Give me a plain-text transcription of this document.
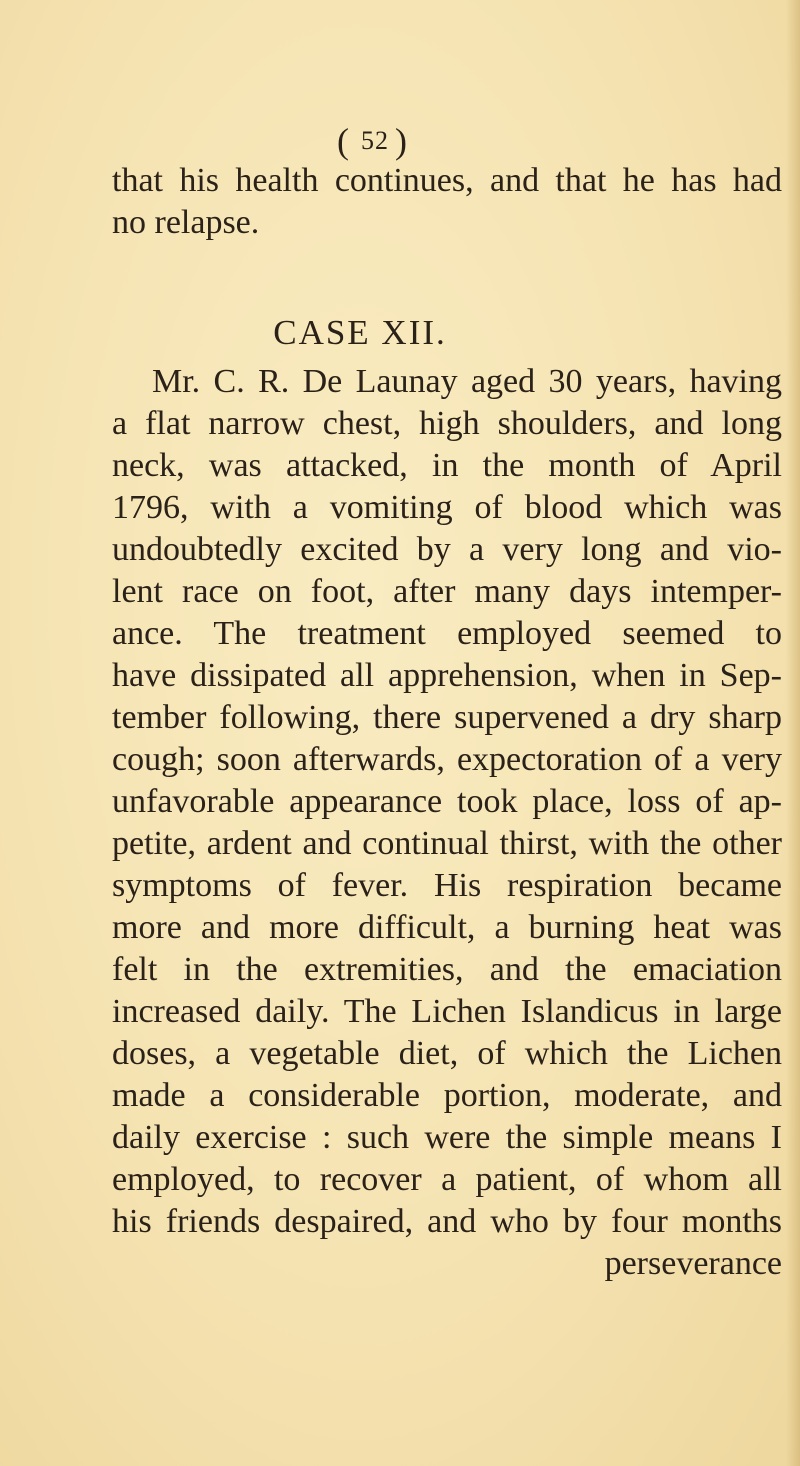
( 52 )
that his health continues, and that he has had
no relapse.
CASE XII.
Mr. C. R. De Launay aged 30 years, having
a flat narrow chest, high shoulders, and long
neck, was attacked, in the month of April
1796, with a vomiting of blood which was
undoubtedly excited by a very long and vio-
lent race on foot, after many days intemper-
ance. The treatment employed seemed to
have dissipated all apprehension, when in Sep-
tember following, there supervened a dry sharp
cough; soon afterwards, expectoration of a very
unfavorable appearance took place, loss of ap-
petite, ardent and continual thirst, with the other
symptoms of fever. His respiration became
more and more difficult, a burning heat was
felt in the extremities, and the emaciation
increased daily. The Lichen Islandicus in large
doses, a vegetable diet, of which the Lichen
made a considerable portion, moderate, and
daily exercise : such were the simple means I
employed, to recover a patient, of whom all
his friends despaired, and who by four months
perseverance
